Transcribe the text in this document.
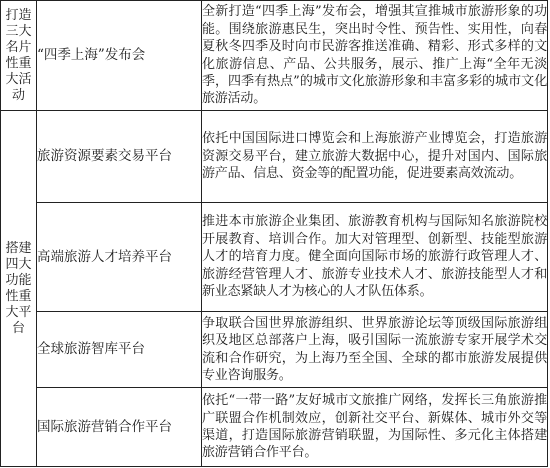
打造三大名片性重大活动	“四季上海”发布会	全新打造“四季上海”发布会，增强其宣推城市旅游形象的功能。围绕旅游惠民生，突出时令性、预告性、实用性，向春夏秋冬四季及时向市民游客推送准确、精彩、形式多样的文化旅游信息、产品、公共服务，展示、推广上海“全年无淡季，四季有热点”的城市文化旅游形象和丰富多彩的城市文化旅游活动。
搭建四大功能性重大平台	旅游资源要素交易平台	依托中国国际进口博览会和上海旅游产业博览会，打造旅游资源交易平台，建立旅游大数据中心，提升对国内、国际旅游产品、信息、资金等的配置功能，促进要素高效流动。
	高端旅游人才培养平台	推进本市旅游企业集团、旅游教育机构与国际知名旅游院校开展教育、培训合作。加大对管理型、创新型、技能型旅游人才的培育力度。健全面向国际市场的旅游行政管理人才、旅游经营管理人才、旅游专业技术人才、旅游技能型人才和新业态紧缺人才为核心的人才队伍体系。
	全球旅游智库平台	争取联合国世界旅游组织、世界旅游论坛等顶级国际旅游组织及地区总部落户上海，吸引国际一流旅游专家开展学术交流和合作研究，为上海乃至全国、全球的都市旅游发展提供专业咨询服务。
	国际旅游营销合作平台	依托“一带一路”友好城市文旅推广网络，发挥长三角旅游推广联盟合作机制效应，创新社交平台、新媒体、城市外交等渠道，打造国际旅游营销联盟，为国际性、多元化主体搭建旅游营销合作平台。
